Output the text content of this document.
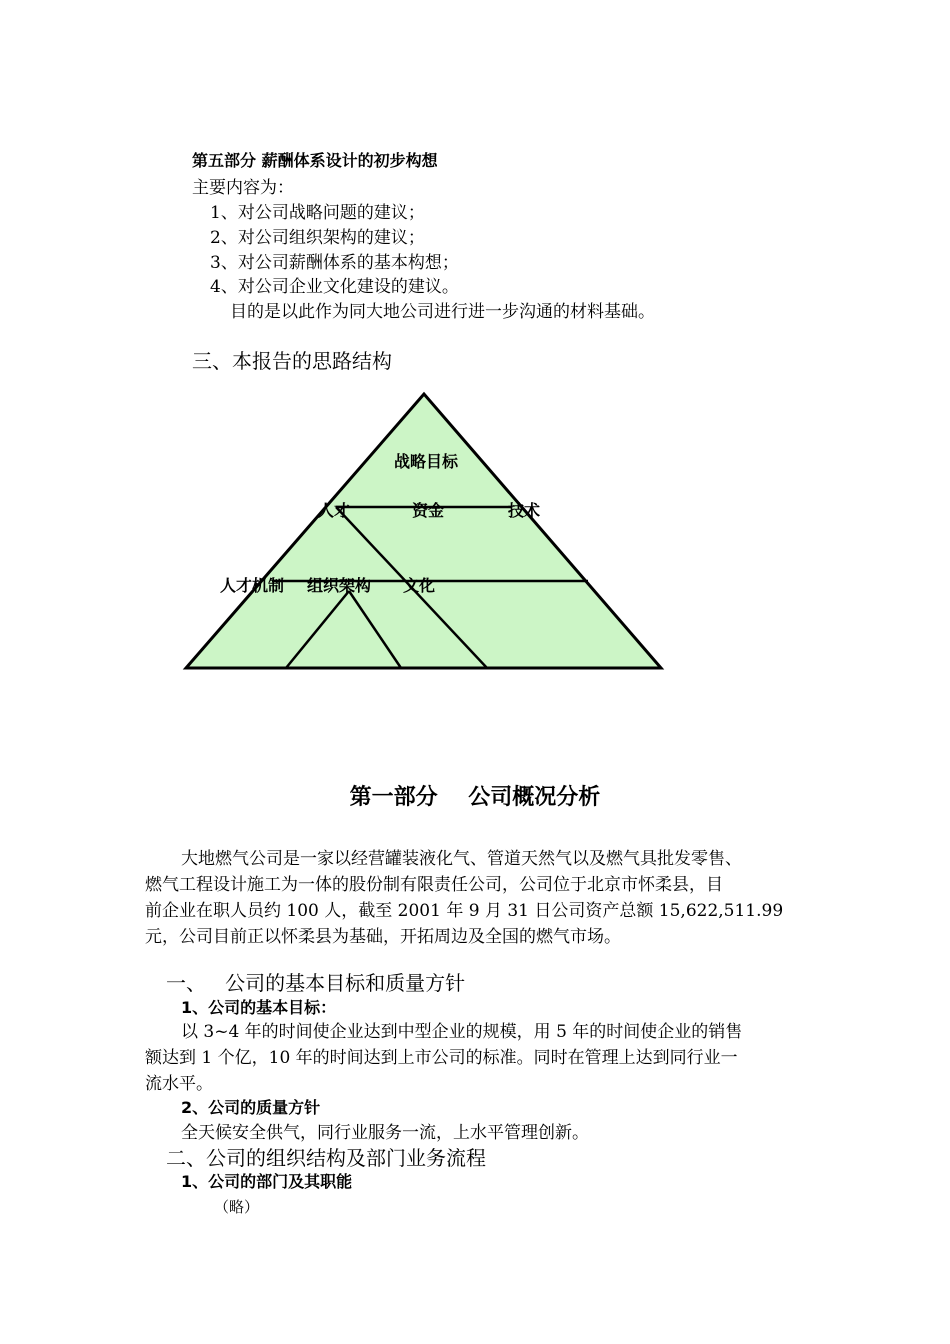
第五部分 薪酬体系设计的初步构想
主要内容为：
1、对公司战略问题的建议；
2、对公司组织架构的建议；
3、对公司薪酬体系的基本构想；
4、对公司企业文化建设的建议。
目的是以此作为同大地公司进行进一步沟通的材料基础。
三、本报告的思路结构
战略目标
人才	资金	技术
人才机制 组织架构 文化
第一部分    公司概况分析
大地燃气公司是一家以经营罐装液化气、管道天然气以及燃气具批发零售、
燃气工程设计施工为一体的股份制有限责任公司，公司位于北京市怀柔县，目
前企业在职人员约 100 人，截至 2001 年 9 月 31 日公司资产总额 15,622,511.99
元，公司目前正以怀柔县为基础，开拓周边及全国的燃气市场。
一、   公司的基本目标和质量方针
1、公司的基本目标：
以 3~4 年的时间使企业达到中型企业的规模，用 5 年的时间使企业的销售
额达到 1 个亿，10 年的时间达到上市公司的标准。同时在管理上达到同行业一
流水平。
2、公司的质量方针
全天候安全供气，同行业服务一流，上水平管理创新。
二、公司的组织结构及部门业务流程
1、公司的部门及其职能
（略）
